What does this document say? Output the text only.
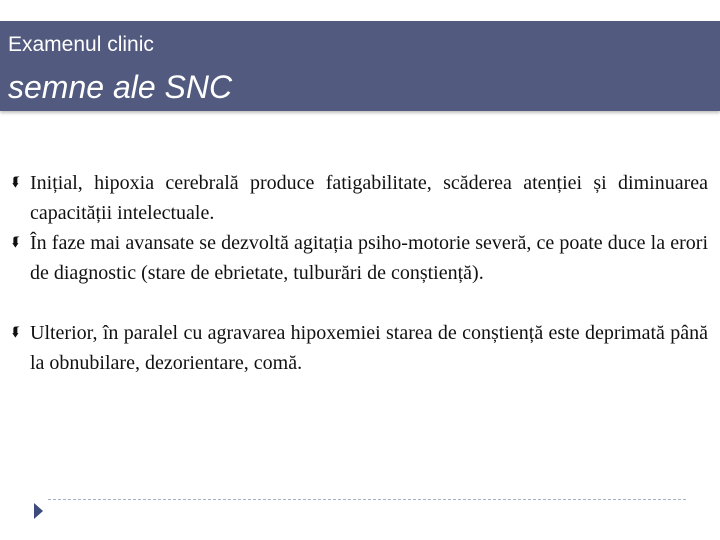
Examenul clinic
semne ale SNC
⮮ Inițial, hipoxia cerebrală produce fatigabilitate, scăderea atenției și diminuarea capacității intelectuale.
⮮ În faze mai avansate se dezvoltă agitația psiho-motorie severă, ce poate duce la erori de diagnostic (stare de ebrietate, tulburări de conștiență).
⮮ Ulterior, în paralel cu agravarea hipoxemiei starea de conștiență este deprimată până la obnubilare, dezorientare, comă.
